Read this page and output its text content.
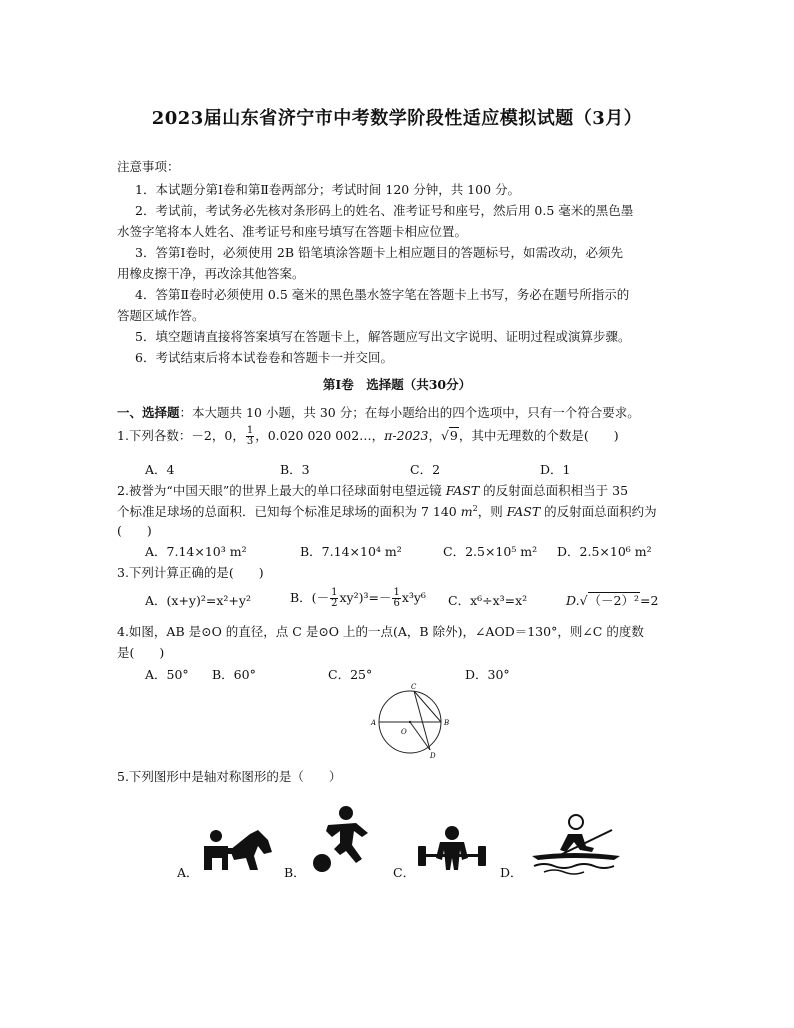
2023届山东省济宁市中考数学阶段性适应模拟试题（3月）
注意事项：
1．本试题分第Ⅰ卷和第Ⅱ卷两部分；考试时间 120 分钟，共 100 分。
2．考试前，考试务必先核对条形码上的姓名、准考证号和座号，然后用 0.5 毫米的黑色墨
水签字笔将本人姓名、准考证号和座号填写在答题卡相应位置。
3．答第Ⅰ卷时，必须使用 2B 铅笔填涂答题卡上相应题目的答题标号，如需改动，必须先
用橡皮擦干净，再改涂其他答案。
4．答第Ⅱ卷时必须使用 0.5 毫米的黑色墨水签字笔在答题卡上书写，务必在题号所指示的
答题区域作答。
5．填空题请直接将答案填写在答题卡上，解答题应写出文字说明、证明过程或演算步骤。
6．考试结束后将本试卷卷和答题卡一并交回。
第Ⅰ卷　选择题（共30分）
一、选择题：本大题共 10 小题，共 30 分；在每小题给出的四个选项中，只有一个符合要求。
1.下列各数：－2，0， $\frac{1}{3}$ ，0.020 020 002…，π-2023，√9，其中无理数的个数是(　　)
A．4	B．3	C．2	D．1
2.被誉为“中国天眼”的世界上最大的单口径球面射电望远镜 FAST 的反射面总面积相当于 35
个标准足球场的总面积．已知每个标准足球场的面积为 7 140 $m^2$，则 FAST 的反射面总面积约为
(　　)
A．7.14×10³ m²	B．7.14×10⁴ m²	C．2.5×10⁵ m² D．2.5×10⁶ m²
3.下列计算正确的是(　　)
A．(x+y)²=x²+y²	B．(－ $\frac{1}{2} xy^2)^3=- \frac{1}{6} x^3y^6$ C．x⁶÷x³=x²	D.√（－2）²=2
4.如图，AB 是⊙O 的直径，点 C 是⊙O 上的一点(A，B 除外)，∠AOD＝130°，则∠C 的度数
是(　　)
A．50° B．60°	C．25°	D．30°
A	B
C
D
O
5.下列图形中是轴对称图形的是（　　）
A．	B．	C．	D．
